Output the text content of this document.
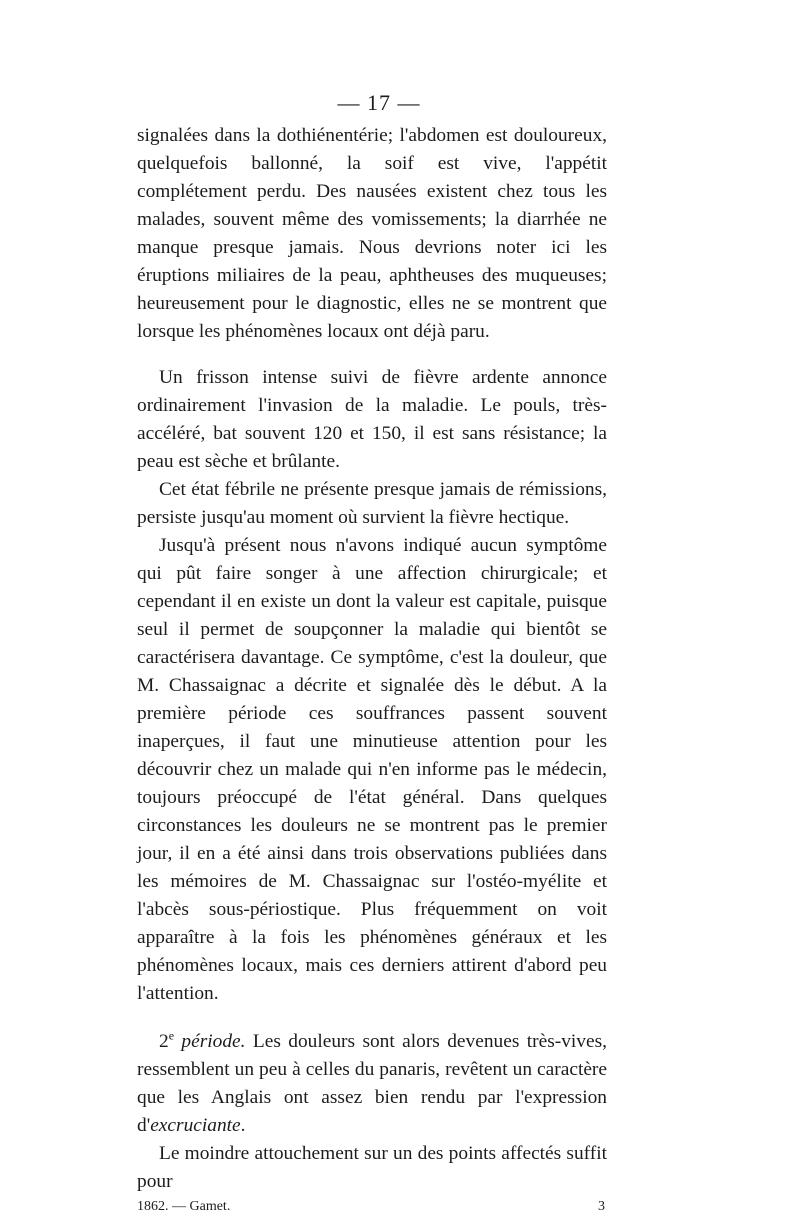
— 17 —

signalées dans la dothiénentérie; l'abdomen est douloureux, quelquefois ballonné, la soif est vive, l'appétit complétement perdu. Des nausées existent chez tous les malades, souvent même des vomissements; la diarrhée ne manque presque jamais. Nous devrions noter ici les éruptions miliaires de la peau, aphtheuses des muqueuses; heureusement pour le diagnostic, elles ne se montrent que lorsque les phénomènes locaux ont déjà paru.

Un frisson intense suivi de fièvre ardente annonce ordinairement l'invasion de la maladie. Le pouls, très-accéléré, bat souvent 120 et 150, il est sans résistance; la peau est sèche et brûlante.

Cet état fébrile ne présente presque jamais de rémissions, persiste jusqu'au moment où survient la fièvre hectique.

Jusqu'à présent nous n'avons indiqué aucun symptôme qui pût faire songer à une affection chirurgicale; et cependant il en existe un dont la valeur est capitale, puisque seul il permet de soupçonner la maladie qui bientôt se caractérisera davantage. Ce symptôme, c'est la douleur, que M. Chassaignac a décrite et signalée dès le début. A la première période ces souffrances passent souvent inaperçues, il faut une minutieuse attention pour les découvrir chez un malade qui n'en informe pas le médecin, toujours préoccupé de l'état général. Dans quelques circonstances les douleurs ne se montrent pas le premier jour, il en a été ainsi dans trois observations publiées dans les mémoires de M. Chassaignac sur l'ostéo-myélite et l'abcès sous-périostique. Plus fréquemment on voit apparaître à la fois les phénomènes généraux et les phénomènes locaux, mais ces derniers attirent d'abord peu l'attention.

2e période. Les douleurs sont alors devenues très-vives, ressemblent un peu à celles du panaris, revêtent un caractère que les Anglais ont assez bien rendu par l'expression d'excruciante.

Le moindre attouchement sur un des points affectés suffit pour

1862. — Gamet.	3
